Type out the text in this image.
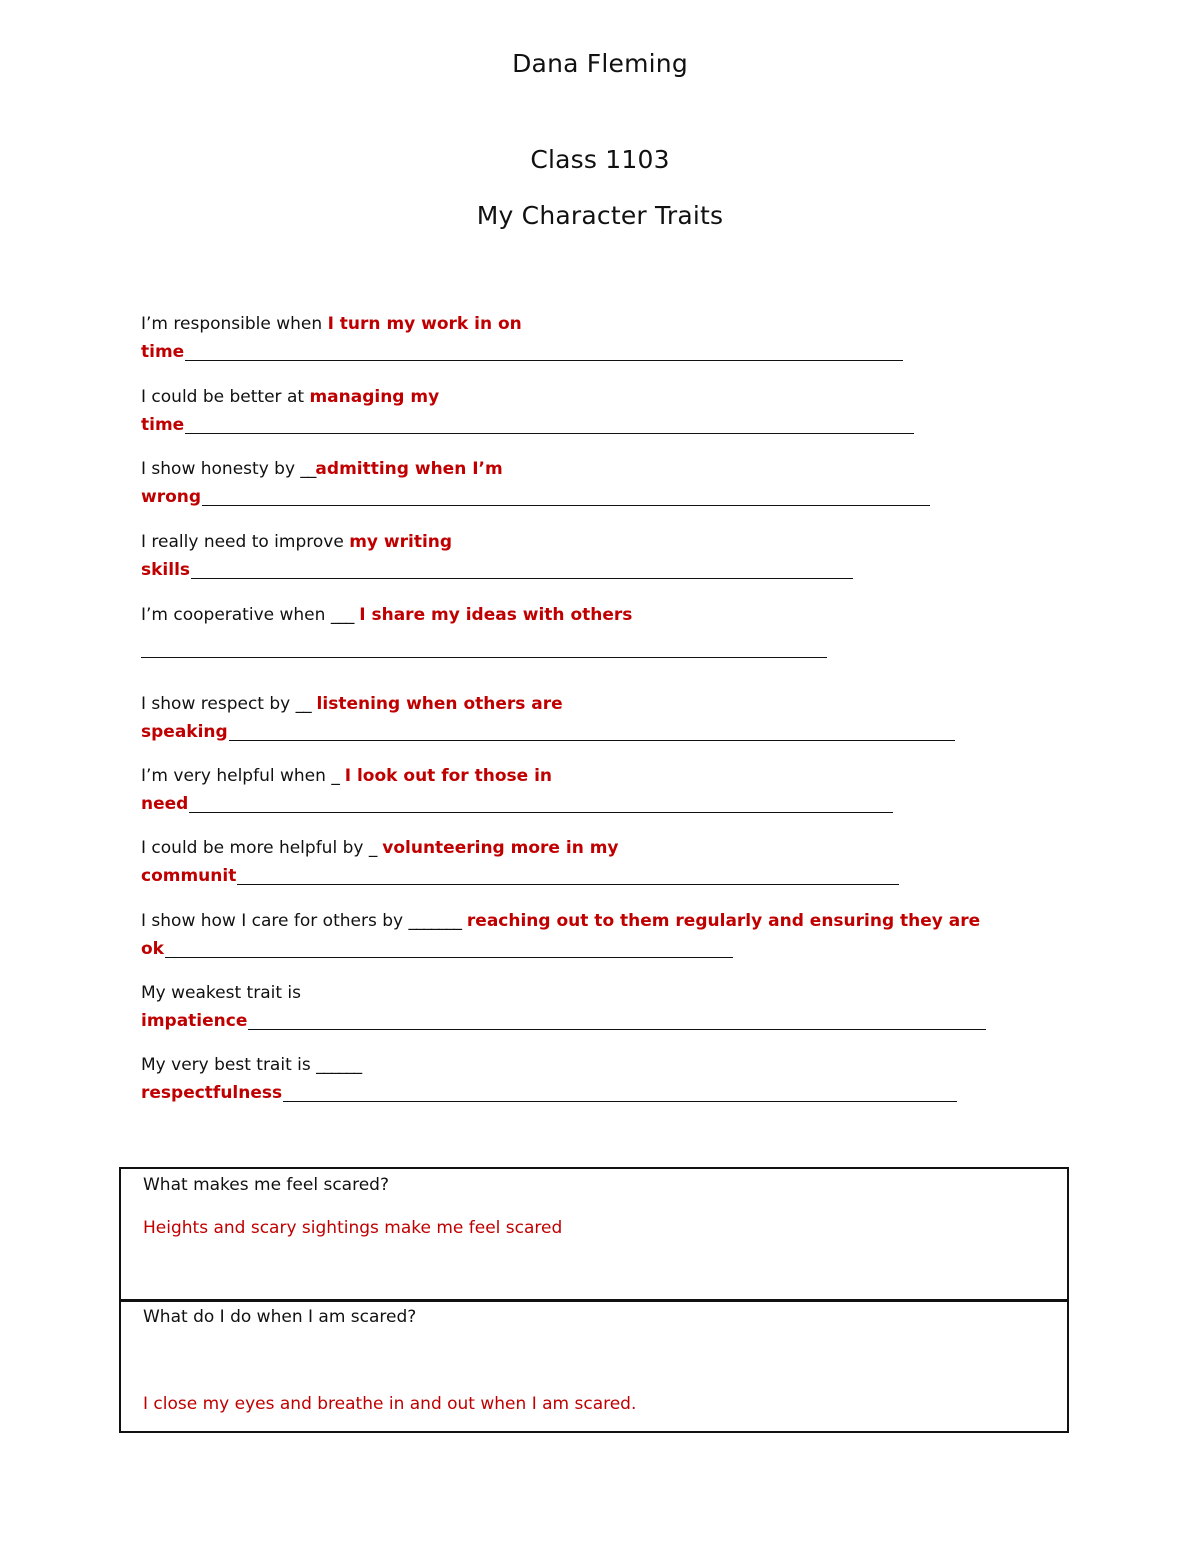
Dana Fleming
Class 1103
My Character Traits
I’m responsible when I turn my work in on
time
I could be better at managing my
time
I show honesty by __admitting when I’m
wrong
I really need to improve my writing
skills
I’m cooperative when ___ I share my ideas with others
I show respect by __ listening when others are
speaking
I’m very helpful when _ I look out for those in
need
I could be more helpful by _ volunteering more in my
communit
I show how I care for others by _______ reaching out to them regularly and ensuring they are
ok
My weakest trait is
impatience
My very best trait is ______
respectfulness
What makes me feel scared?
Heights and scary sightings make me feel scared
What do I do when I am scared?
I close my eyes and breathe in and out when I am scared.
